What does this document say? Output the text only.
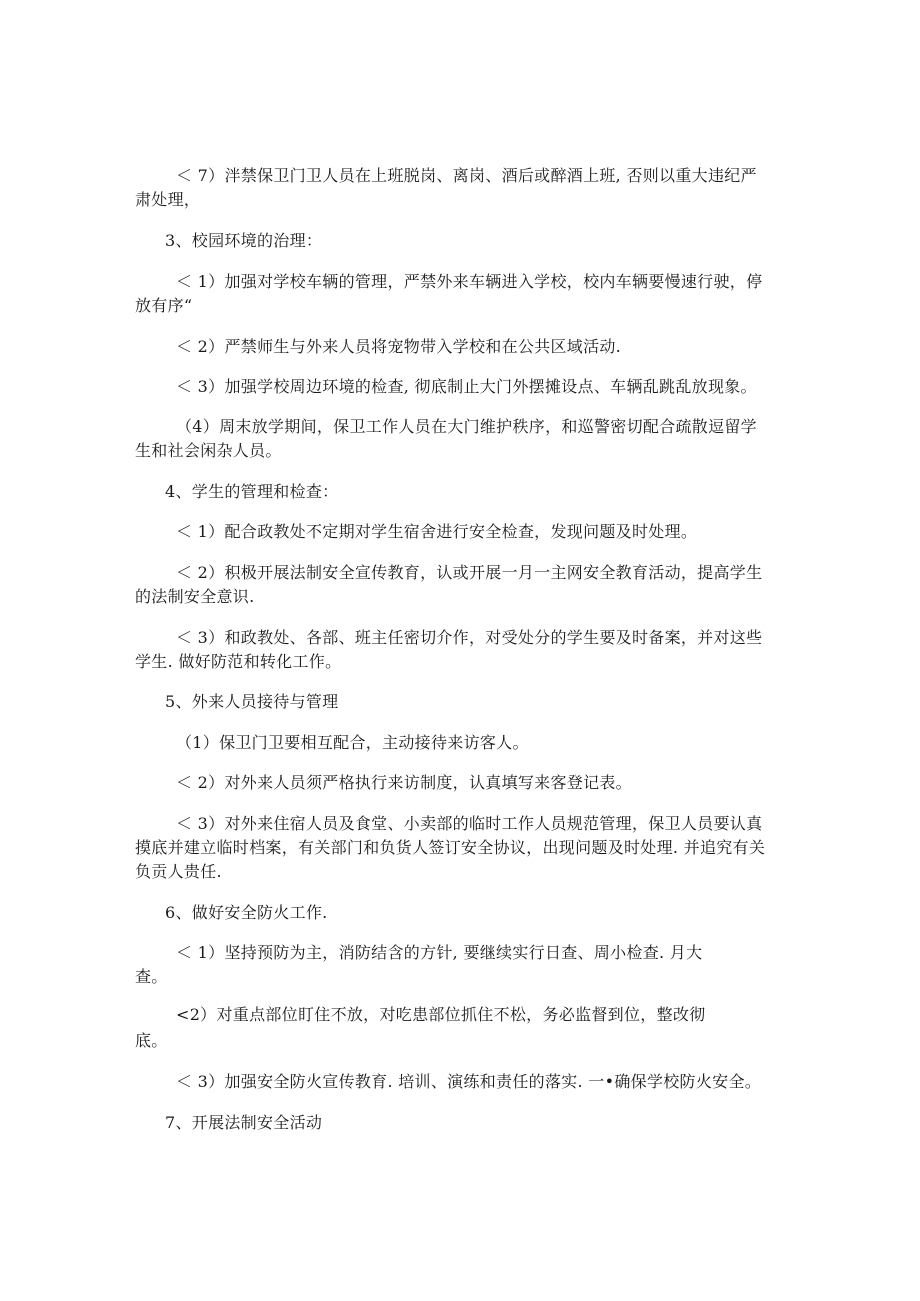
＜ 7）泮禁保卫门卫人员在上班脱岗、离岗、酒后或醉酒上班, 否则以重大违纪严
肃处理，
3、校园环境的治理：
＜ 1）加强对学校车辆的管理，严禁外来车辆进入学校，校内车辆要慢速行驶，停
放有序“
＜ 2）严禁师生与外来人员将宠物带入学校和在公共区域活动.
＜ 3）加强学校周边环境的检查, 彻底制止大门外摆摊设点、车辆乱跳乱放现象。
（4）周末放学期间，保卫工作人员在大门维护秩序，和巡警密切配合疏散逗留学
生和社会闲杂人员。
4、学生的管理和检查：
＜ 1）配合政教处不定期对学生宿舍进行安全检查，发现问题及时处理。
＜ 2）积极开展法制安全宣传教育，认或开展一月一主网安全教育活动，提高学生
的法制安全意识.
＜ 3）和政教处、各部、班主任密切介作，对受处分的学生要及时备案，并对这些
学生. 做好防范和转化工作。
5、外来人员接待与管理
（1）保卫门卫要相互配合，主动接待来访客人。
＜ 2）对外来人员须严格执行来访制度，认真填写来客登记表。
＜ 3）对外来住宿人员及食堂、小卖部的临时工作人员规范管理，保卫人员要认真
摸底并建立临时档案，有关部门和负货人签订安全协议，出现问题及时处理. 并追究有关
负贡人贵任.
6、做好安全防火工作.
＜ 1）坚持预防为主，消防结含的方针, 要继续实行日查、周小检查. 月大
查。
<2）对重点部位盯住不放，对吃患部位抓住不松，务必监督到位，整改彻
底。
＜ 3）加强安全防火宣传教育. 培训、演练和责任的落实. 一•确保学校防火安全。
7、开展法制安全活动
